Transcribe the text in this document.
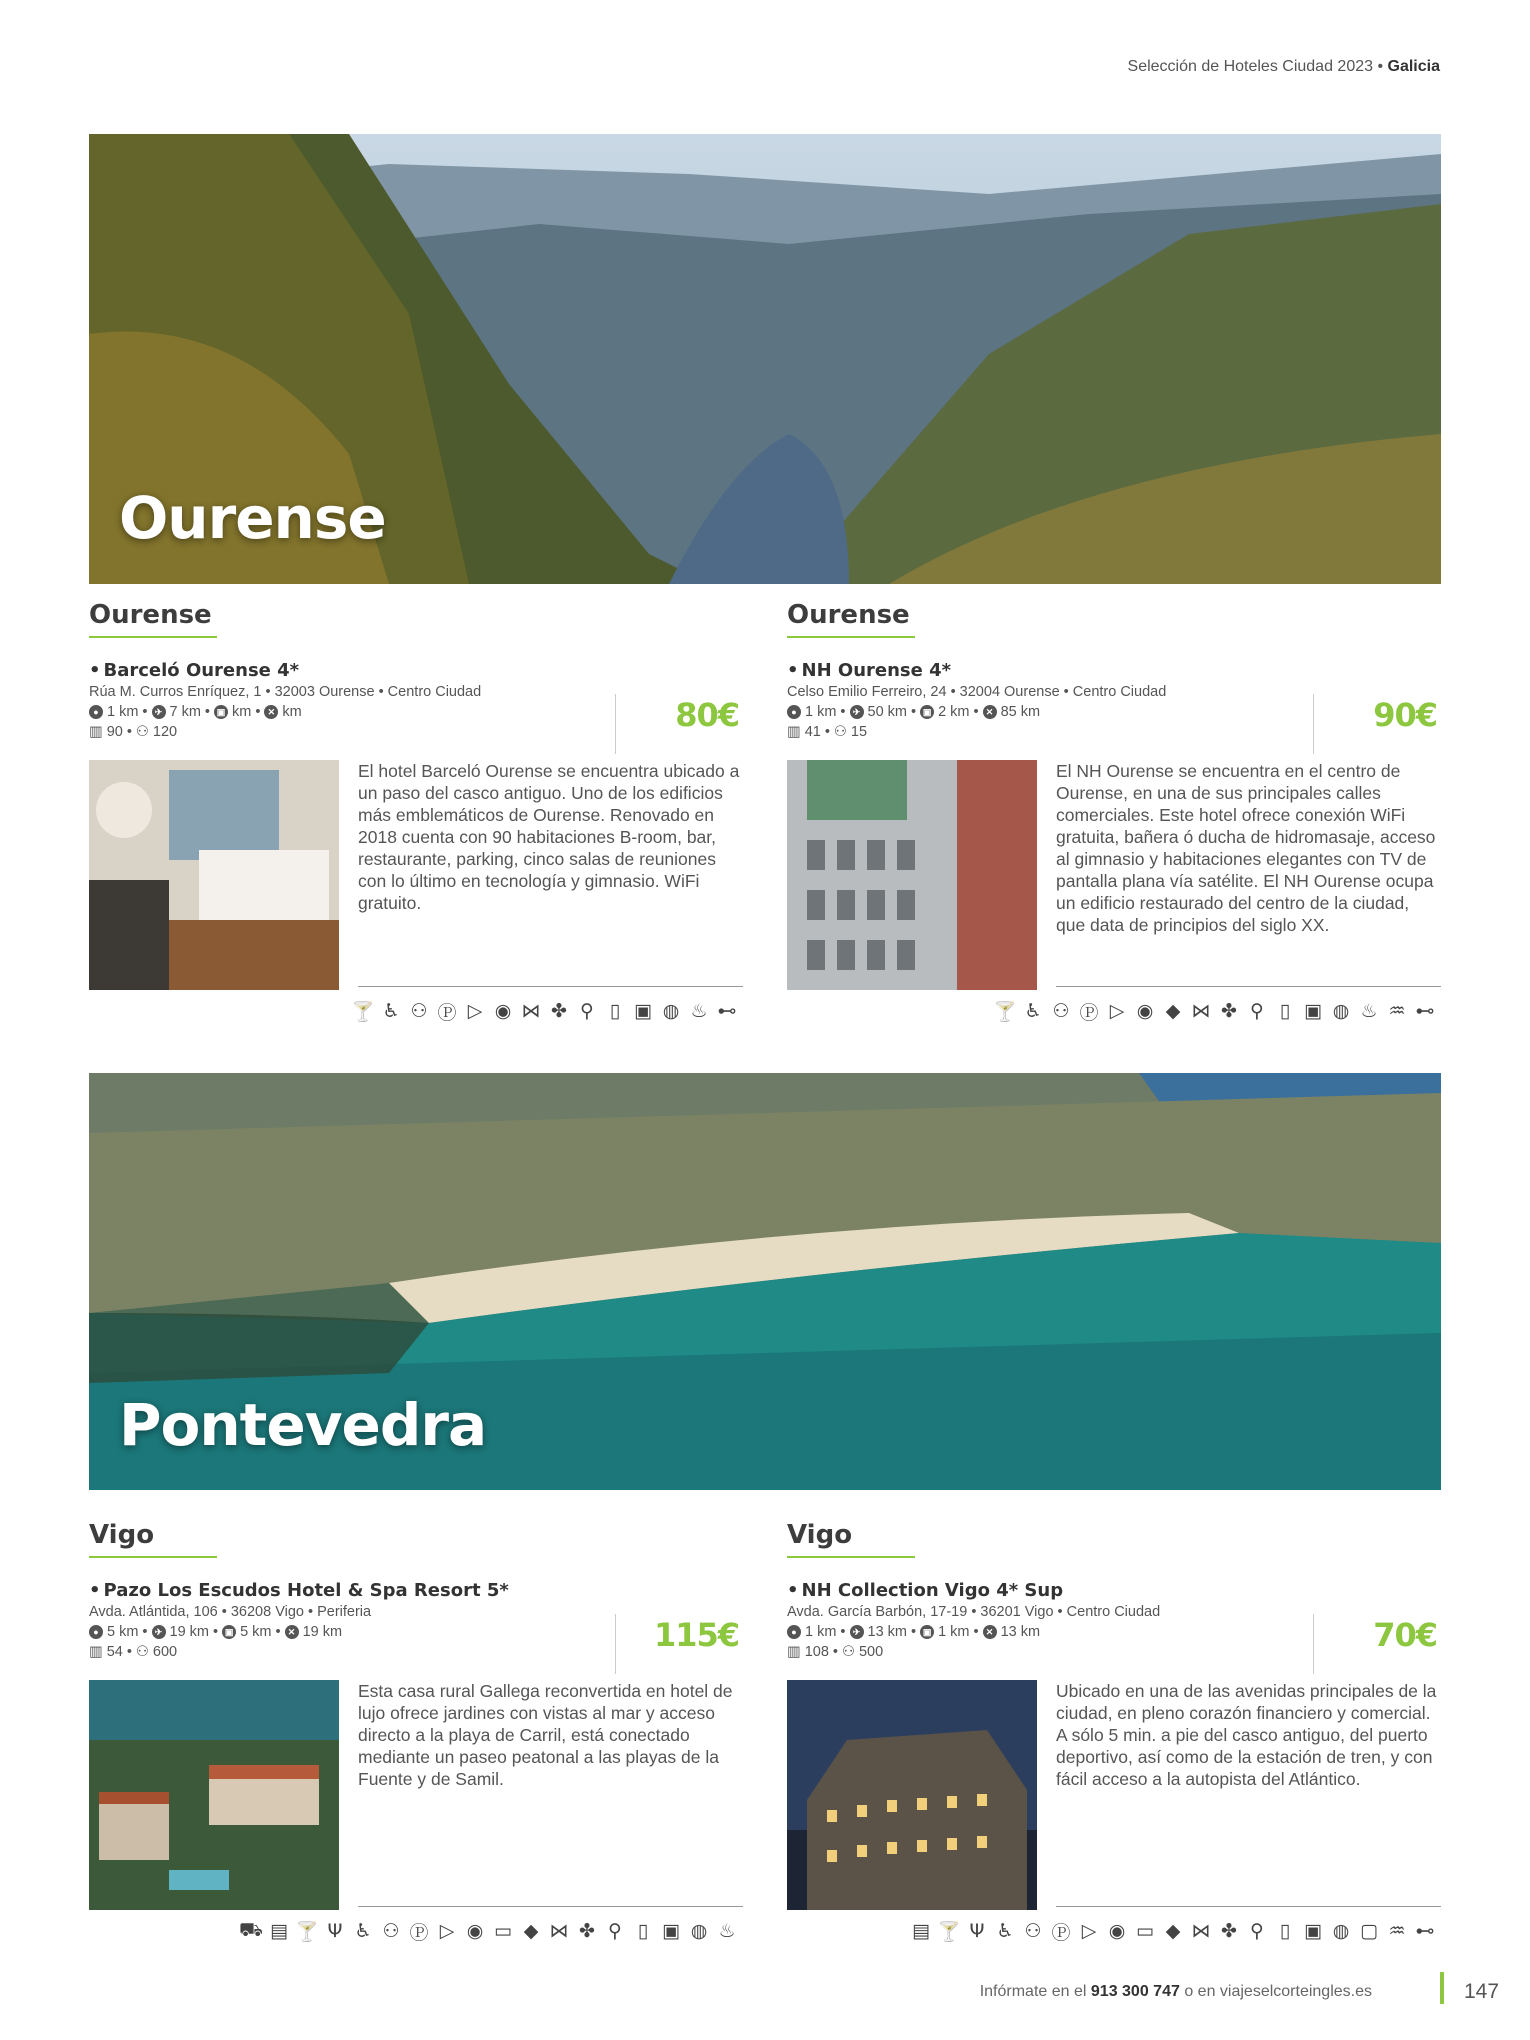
Selección de Hoteles Ciudad 2023 • Galicia
Ourense
Pontevedra
Ourense
• Barceló Ourense 4*
Rúa M. Curros Enríquez, 1 • 32003 Ourense • Centro Ciudad
● 1 km • ✈ 7 km • ▣ km • ✕ km
▥ 90 • ⚇ 120	80€
El hotel Barceló Ourense se encuentra ubicado a un paso del casco antiguo. Uno de los edificios más emblemáticos de Ourense. Renovado en 2018 cuenta con 90 habitaciones B-room, bar, restaurante, parking, cinco salas de reuniones con lo último en tecnología y gimnasio. WiFi gratuito.
🍸 ♿ ⚇ Ⓟ ▷ ◉ ⋈ ✤ ⚲ ▯ ▣ ◍ ♨ ⊷
Ourense
• NH Ourense 4*
Celso Emilio Ferreiro, 24 • 32004 Ourense • Centro Ciudad
● 1 km • ✈ 50 km • ▣ 2 km • ✕ 85 km
▥ 41 • ⚇ 15	90€
El NH Ourense se encuentra en el centro de Ourense, en una de sus principales calles comerciales. Este hotel ofrece conexión WiFi gratuita, bañera ó ducha de hidromasaje, acceso al gimnasio y habitaciones elegantes con TV de pantalla plana vía satélite. El NH Ourense ocupa un edificio restaurado del centro de la ciudad, que data de principios del siglo XX.
🍸 ♿ ⚇ Ⓟ ▷ ◉ ◆ ⋈ ✤ ⚲ ▯ ▣ ◍ ♨ ♒ ⊷
Vigo
• Pazo Los Escudos Hotel & Spa Resort 5*
Avda. Atlántida, 106 • 36208 Vigo • Periferia
● 5 km • ✈ 19 km • ▣ 5 km • ✕ 19 km
▥ 54 • ⚇ 600	115€
Esta casa rural Gallega reconvertida en hotel de lujo ofrece jardines con vistas al mar y acceso directo a la playa de Carril, está conectado mediante un paseo peatonal a las playas de la Fuente y de Samil.
⛟ ▤ 🍸 Ψ ♿ ⚇ Ⓟ ▷ ◉ ▭ ◆ ⋈ ✤ ⚲ ▯ ▣ ◍ ♨
Vigo
• NH Collection Vigo 4* Sup
Avda. García Barbón, 17-19 • 36201 Vigo • Centro Ciudad
● 1 km • ✈ 13 km • ▣ 1 km • ✕ 13 km
▥ 108 • ⚇ 500	70€
Ubicado en una de las avenidas principales de la ciudad, en pleno corazón financiero y comercial. A sólo 5 min. a pie del casco antiguo, del puerto deportivo, así como de la estación de tren, y con fácil acceso a la autopista del Atlántico.
▤ 🍸 Ψ ♿ ⚇ Ⓟ ▷ ◉ ▭ ◆ ⋈ ✤ ⚲ ▯ ▣ ◍ ▢ ♒ ⊷
Infórmate en el 913 300 747 o en viajeselcorteingles.es	147
